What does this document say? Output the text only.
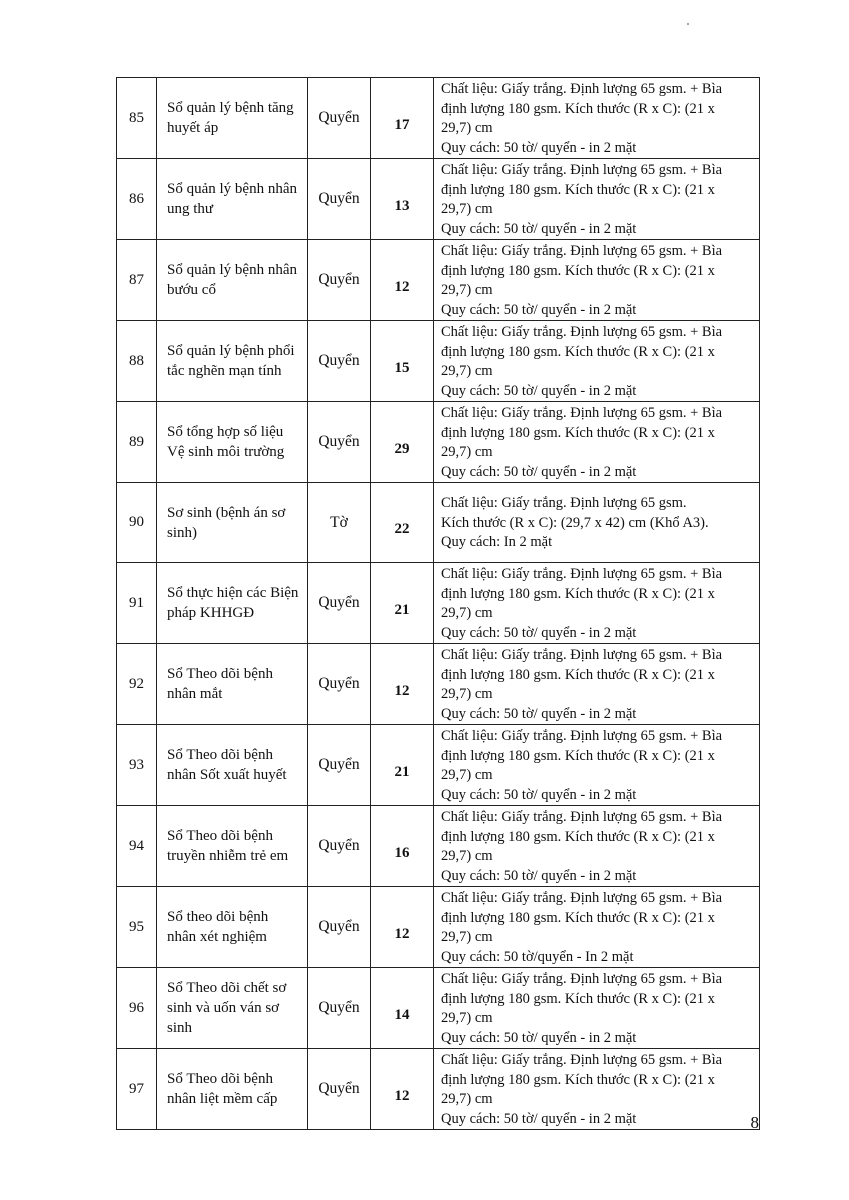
85	Sổ quản lý bệnh tăng huyết áp	Quyển	17	Chất liệu: Giấy trắng. Định lượng 65 gsm. + Bìa
định lượng 180 gsm. Kích thước (R x C): (21 x
29,7) cm
Quy cách: 50 tờ/ quyển - in 2 mặt

86	Sổ quản lý bệnh nhân ung thư	Quyển	13	Chất liệu: Giấy trắng. Định lượng 65 gsm. + Bìa
định lượng 180 gsm. Kích thước (R x C): (21 x
29,7) cm
Quy cách: 50 tờ/ quyển - in 2 mặt

87	Sổ quản lý bệnh nhân bướu cổ	Quyển	12	Chất liệu: Giấy trắng. Định lượng 65 gsm. + Bìa
định lượng 180 gsm. Kích thước (R x C): (21 x
29,7) cm
Quy cách: 50 tờ/ quyển - in 2 mặt

88	Sổ quản lý bệnh phổi tắc nghẽn mạn tính	Quyển	15	Chất liệu: Giấy trắng. Định lượng 65 gsm. + Bìa
định lượng 180 gsm. Kích thước (R x C): (21 x
29,7) cm
Quy cách: 50 tờ/ quyển - in 2 mặt

89	Sổ tổng hợp số liệu Vệ sinh môi trường	Quyển	29	Chất liệu: Giấy trắng. Định lượng 65 gsm. + Bìa
định lượng 180 gsm. Kích thước (R x C): (21 x
29,7) cm
Quy cách: 50 tờ/ quyển - in 2 mặt

90	Sơ sinh (bệnh án sơ sinh)	Tờ	22	Chất liệu: Giấy trắng. Định lượng 65 gsm.
Kích thước (R x C): (29,7 x 42) cm (Khổ A3).
Quy cách: In 2 mặt

91	Sổ thực hiện các Biện pháp KHHGĐ	Quyển	21	Chất liệu: Giấy trắng. Định lượng 65 gsm. + Bìa
định lượng 180 gsm. Kích thước (R x C): (21 x
29,7) cm
Quy cách: 50 tờ/ quyển - in 2 mặt

92	Sổ Theo dõi bệnh nhân mắt	Quyển	12	Chất liệu: Giấy trắng. Định lượng 65 gsm. + Bìa
định lượng 180 gsm. Kích thước (R x C): (21 x
29,7) cm
Quy cách: 50 tờ/ quyển - in 2 mặt

93	Sổ Theo dõi bệnh nhân Sốt xuất huyết	Quyển	21	Chất liệu: Giấy trắng. Định lượng 65 gsm. + Bìa
định lượng 180 gsm. Kích thước (R x C): (21 x
29,7) cm
Quy cách: 50 tờ/ quyển - in 2 mặt

94	Sổ Theo dõi bệnh truyền nhiễm trẻ em	Quyển	16	Chất liệu: Giấy trắng. Định lượng 65 gsm. + Bìa
định lượng 180 gsm. Kích thước (R x C): (21 x
29,7) cm
Quy cách: 50 tờ/ quyển - in 2 mặt

95	Sổ theo dõi bệnh nhân xét nghiệm	Quyển	12	Chất liệu: Giấy trắng. Định lượng 65 gsm. + Bìa
định lượng 180 gsm. Kích thước (R x C): (21 x
29,7) cm
Quy cách: 50 tờ/quyển - In 2 mặt

96	Sổ Theo dõi chết sơ sinh và uốn ván sơ sinh	Quyển	14	Chất liệu: Giấy trắng. Định lượng 65 gsm. + Bìa
định lượng 180 gsm. Kích thước (R x C): (21 x
29,7) cm
Quy cách: 50 tờ/ quyển - in 2 mặt

97	Sổ Theo dõi bệnh nhân liệt mềm cấp	Quyển	12	Chất liệu: Giấy trắng. Định lượng 65 gsm. + Bìa
định lượng 180 gsm. Kích thước (R x C): (21 x
29,7) cm
Quy cách: 50 tờ/ quyển - in 2 mặt	8
